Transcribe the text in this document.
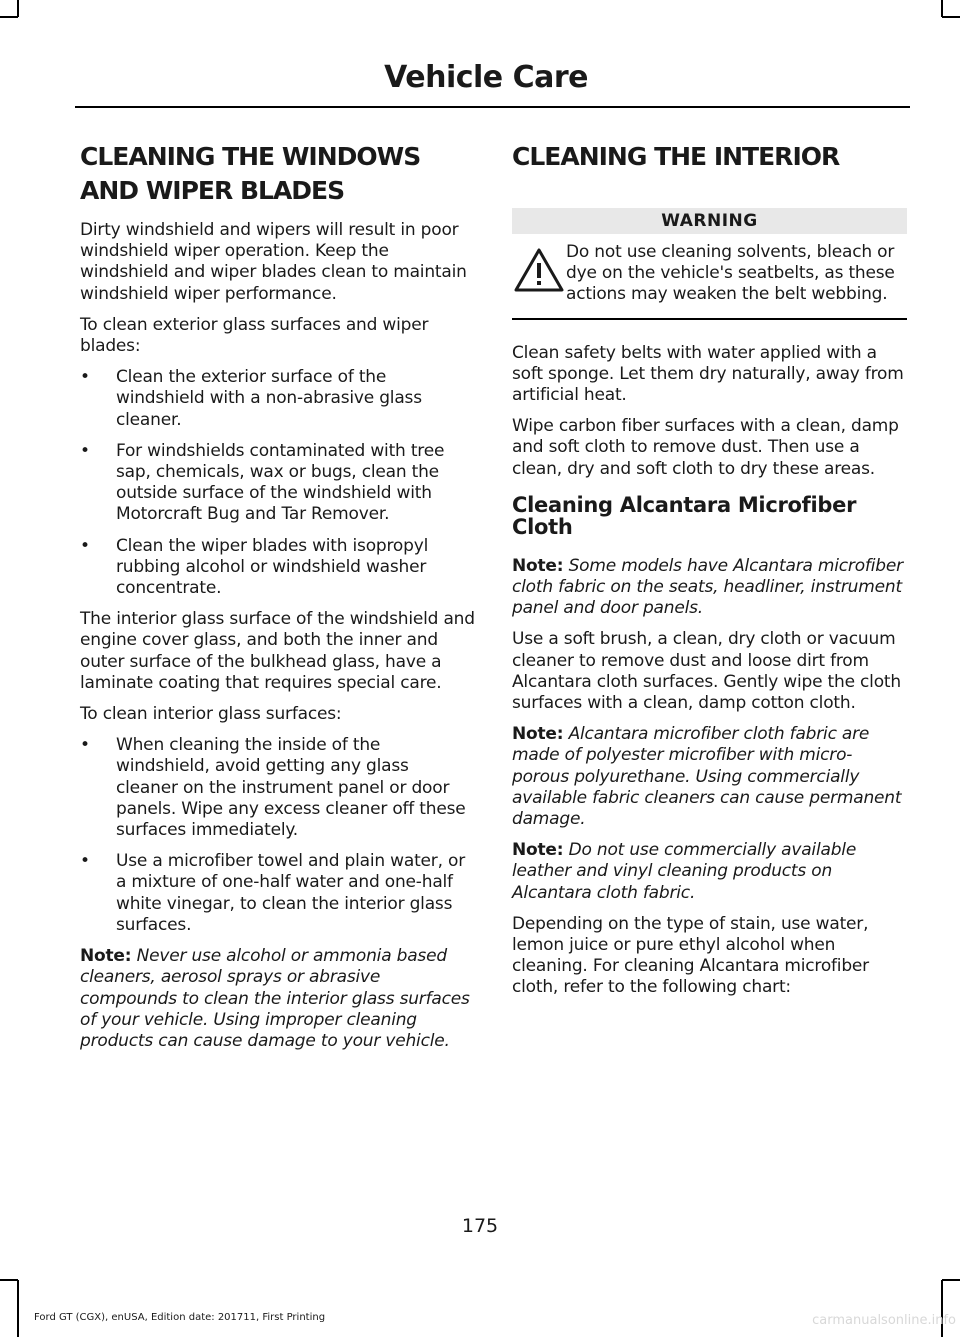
Vehicle Care
CLEANING THE WINDOWS AND WIPER BLADES

Dirty windshield and wipers will result in poor windshield wiper operation. Keep the windshield and wiper blades clean to maintain windshield wiper performance.

To clean exterior glass surfaces and wiper blades:

• Clean the exterior surface of the windshield with a non-abrasive glass cleaner.
• For windshields contaminated with tree sap, chemicals, wax or bugs, clean the outside surface of the windshield with Motorcraft Bug and Tar Remover.
• Clean the wiper blades with isopropyl rubbing alcohol or windshield washer concentrate.

The interior glass surface of the windshield and engine cover glass, and both the inner and outer surface of the bulkhead glass, have a laminate coating that requires special care.

To clean interior glass surfaces:

• When cleaning the inside of the windshield, avoid getting any glass cleaner on the instrument panel or door panels. Wipe any excess cleaner off these surfaces immediately.
• Use a microfiber towel and plain water, or a mixture of one-half water and one-half white vinegar, to clean the interior glass surfaces.

Note: Never use alcohol or ammonia based cleaners, aerosol sprays or abrasive compounds to clean the interior glass surfaces of your vehicle. Using improper cleaning products can cause damage to your vehicle.

CLEANING THE INTERIOR
WARNING
Do not use cleaning solvents, bleach or dye on the vehicle's seatbelts, as these actions may weaken the belt webbing.

Clean safety belts with water applied with a soft sponge. Let them dry naturally, away from artificial heat.

Wipe carbon fiber surfaces with a clean, damp and soft cloth to remove dust. Then use a clean, dry and soft cloth to dry these areas.

Cleaning Alcantara Microfiber Cloth

Note: Some models have Alcantara microfiber cloth fabric on the seats, headliner, instrument panel and door panels.

Use a soft brush, a clean, dry cloth or vacuum cleaner to remove dust and loose dirt from Alcantara cloth surfaces. Gently wipe the cloth surfaces with a clean, damp cotton cloth.

Note: Alcantara microfiber cloth fabric are made of polyester microfiber with micro-porous polyurethane. Using commercially available fabric cleaners can cause permanent damage.

Note: Do not use commercially available leather and vinyl cleaning products on Alcantara cloth fabric.

Depending on the type of stain, use water, lemon juice or pure ethyl alcohol when cleaning. For cleaning Alcantara microfiber cloth, refer to the following chart:

175
Ford GT (CGX), enUSA, Edition date: 201711, First Printing	carmanualsonline.info
